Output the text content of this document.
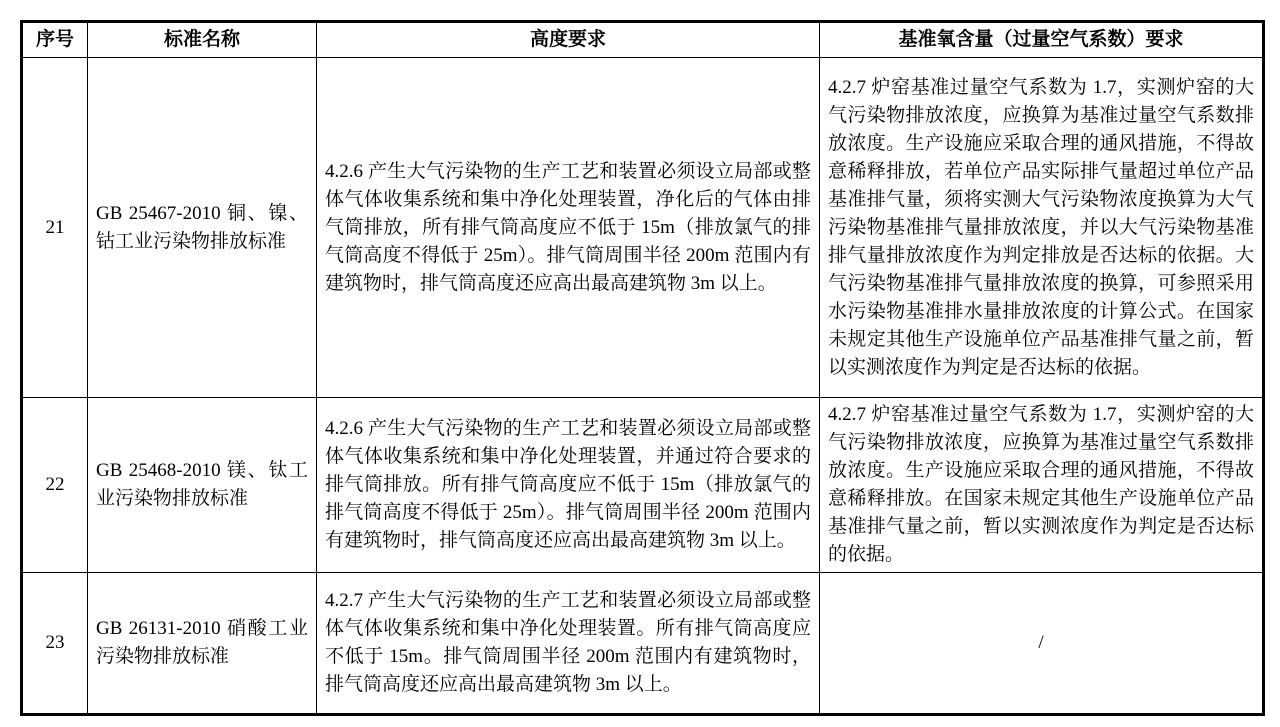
序号	标准名称	高度要求	基准氧含量（过量空气系数）要求
21	GB 25467-2010 铜、镍、钴工业污染物排放标准	4.2.6 产生大气污染物的生产工艺和装置必须设立局部或整体气体收集系统和集中净化处理装置，净化后的气体由排气筒排放，所有排气筒高度应不低于 15m（排放氯气的排气筒高度不得低于 25m）。排气筒周围半径 200m 范围内有建筑物时，排气筒高度还应高出最高建筑物 3m 以上。	4.2.7 炉窑基准过量空气系数为 1.7，实测炉窑的大气污染物排放浓度，应换算为基准过量空气系数排放浓度。生产设施应采取合理的通风措施，不得故意稀释排放，若单位产品实际排气量超过单位产品基准排气量，须将实测大气污染物浓度换算为大气污染物基准排气量排放浓度，并以大气污染物基准排气量排放浓度作为判定排放是否达标的依据。大气污染物基准排气量排放浓度的换算，可参照采用水污染物基准排水量排放浓度的计算公式。在国家未规定其他生产设施单位产品基准排气量之前，暂以实测浓度作为判定是否达标的依据。
22	GB 25468-2010 镁、钛工业污染物排放标准	4.2.6 产生大气污染物的生产工艺和装置必须设立局部或整体气体收集系统和集中净化处理装置，并通过符合要求的排气筒排放。所有排气筒高度应不低于 15m（排放氯气的排气筒高度不得低于 25m）。排气筒周围半径 200m 范围内有建筑物时，排气筒高度还应高出最高建筑物 3m 以上。	4.2.7 炉窑基准过量空气系数为 1.7，实测炉窑的大气污染物排放浓度，应换算为基准过量空气系数排放浓度。生产设施应采取合理的通风措施，不得故意稀释排放。在国家未规定其他生产设施单位产品基准排气量之前，暂以实测浓度作为判定是否达标的依据。
23	GB 26131-2010 硝酸工业污染物排放标准	4.2.7 产生大气污染物的生产工艺和装置必须设立局部或整体气体收集系统和集中净化处理装置。所有排气筒高度应不低于 15m。排气筒周围半径 200m 范围内有建筑物时，排气筒高度还应高出最高建筑物 3m 以上。	/
